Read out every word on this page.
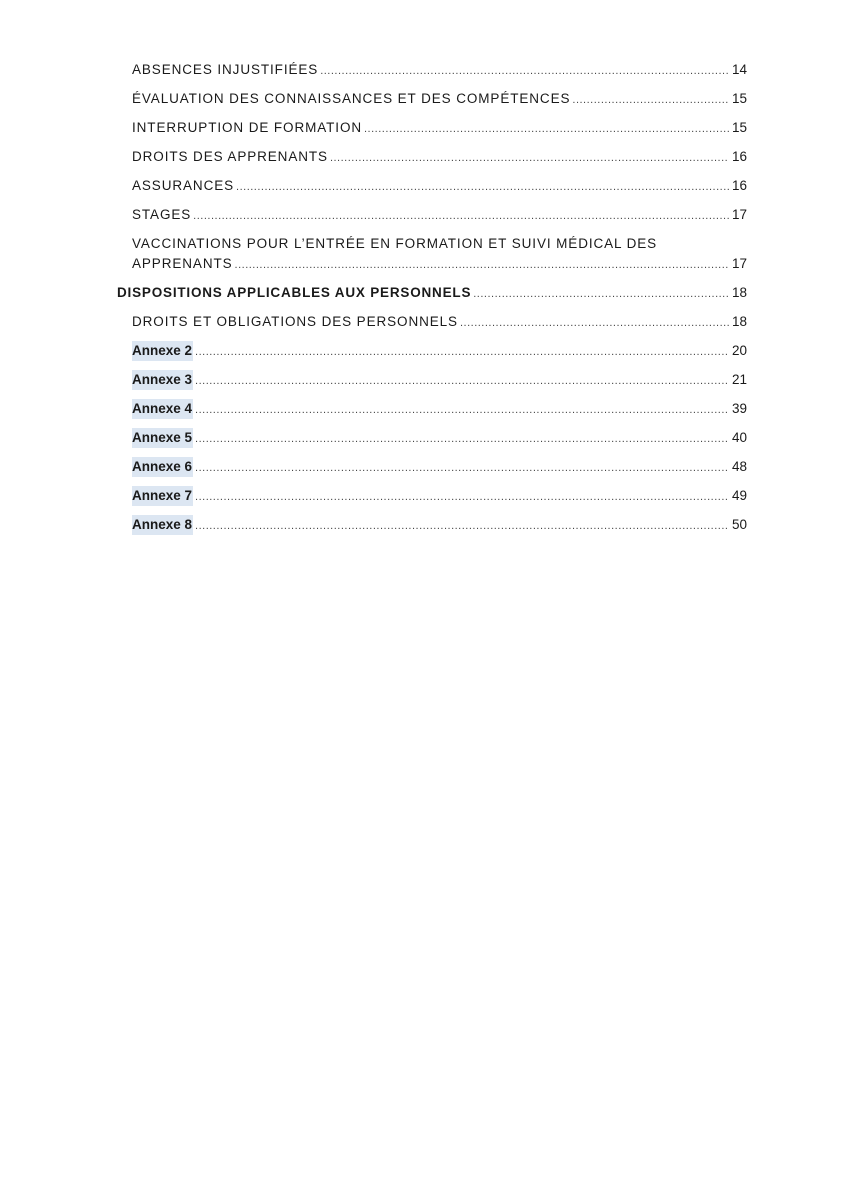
ABSENCES INJUSTIFIÉES .....	14
ÉVALUATION DES CONNAISSANCES ET DES COMPÉTENCES .....	15
INTERRUPTION DE FORMATION .....	15
DROITS DES APPRENANTS .....	16
ASSURANCES .....	16
STAGES .....	17
VACCINATIONS POUR L’ENTRÉE EN FORMATION ET SUIVI MÉDICAL DES
APPRENANTS .....	17
DISPOSITIONS APPLICABLES AUX PERSONNELS .....	18
DROITS ET OBLIGATIONS DES PERSONNELS .....	18
Annexe 2 .....	20
Annexe 3 .....	21
Annexe 4 .....	39
Annexe 5 .....	40
Annexe 6 .....	48
Annexe 7 .....	49
Annexe 8 .....	50
